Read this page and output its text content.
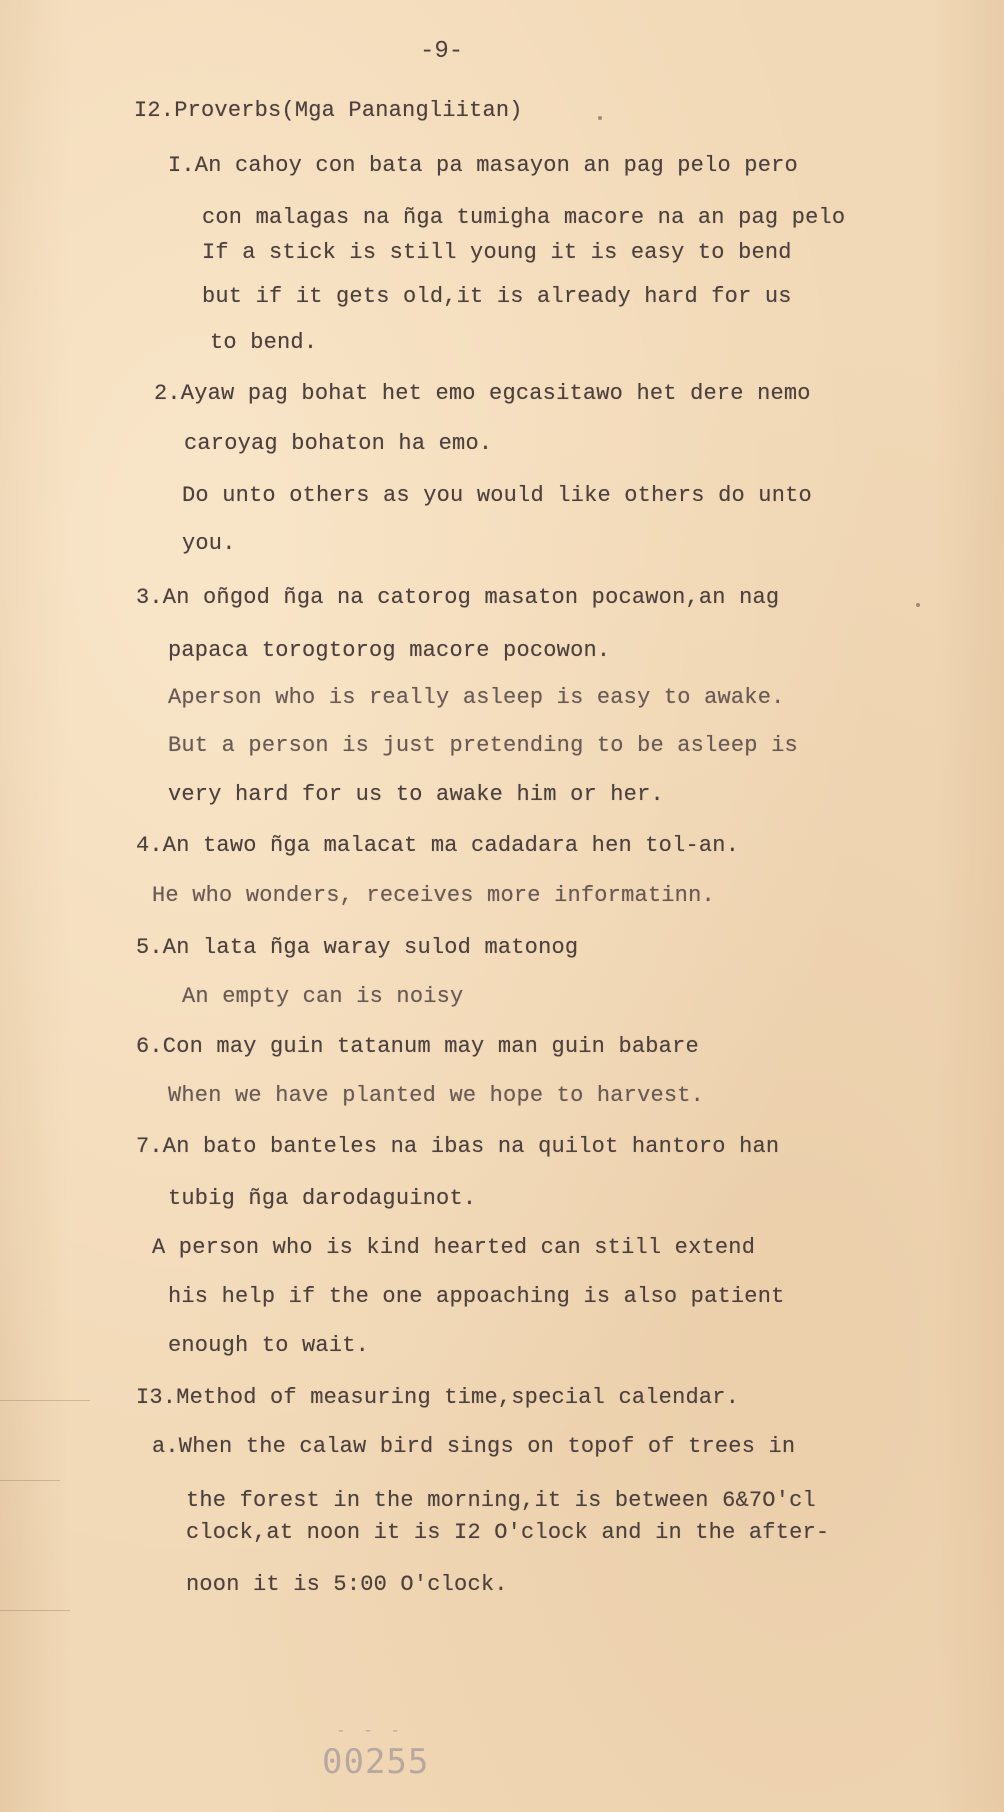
-9-
I2.Proverbs(Mga Panangliitan)
I.An cahoy con bata pa masayon an pag pelo pero
con malagas na ñga tumigha macore na an pag pelo
If a stick is still young it is easy to bend
but if it gets old,it is already hard for us
to bend.
2.Ayaw pag bohat het emo egcasitawo het dere nemo
caroyag bohaton ha emo.
Do unto others as you would like others do unto
you.
3.An oñgod ñga na catorog masaton pocawon,an nag
papaca torogtorog macore pocowon.
Aperson who is really asleep is easy to awake.
But a person is just pretending to be asleep is
very hard for us to awake him or her.
4.An tawo ñga malacat ma cadadara hen tol-an.
He who wonders, receives more informatinn.
5.An lata ñga waray sulod matonog
An empty can is noisy
6.Con may guin tatanum may man guin babare
When we have planted we hope to harvest.
7.An bato banteles na ibas na quilot hantoro han
tubig ñga darodaguinot.
A person who is kind hearted can still extend
his help if the one appoaching is also patient
enough to wait.
I3.Method of measuring time,special calendar.
a.When the calaw bird sings on topof of trees in
the forest in the morning,it is between 6&7O'cl
clock,at noon it is I2 O'clock and in the after-
noon it is 5:00 O'clock.
- - -
00255
